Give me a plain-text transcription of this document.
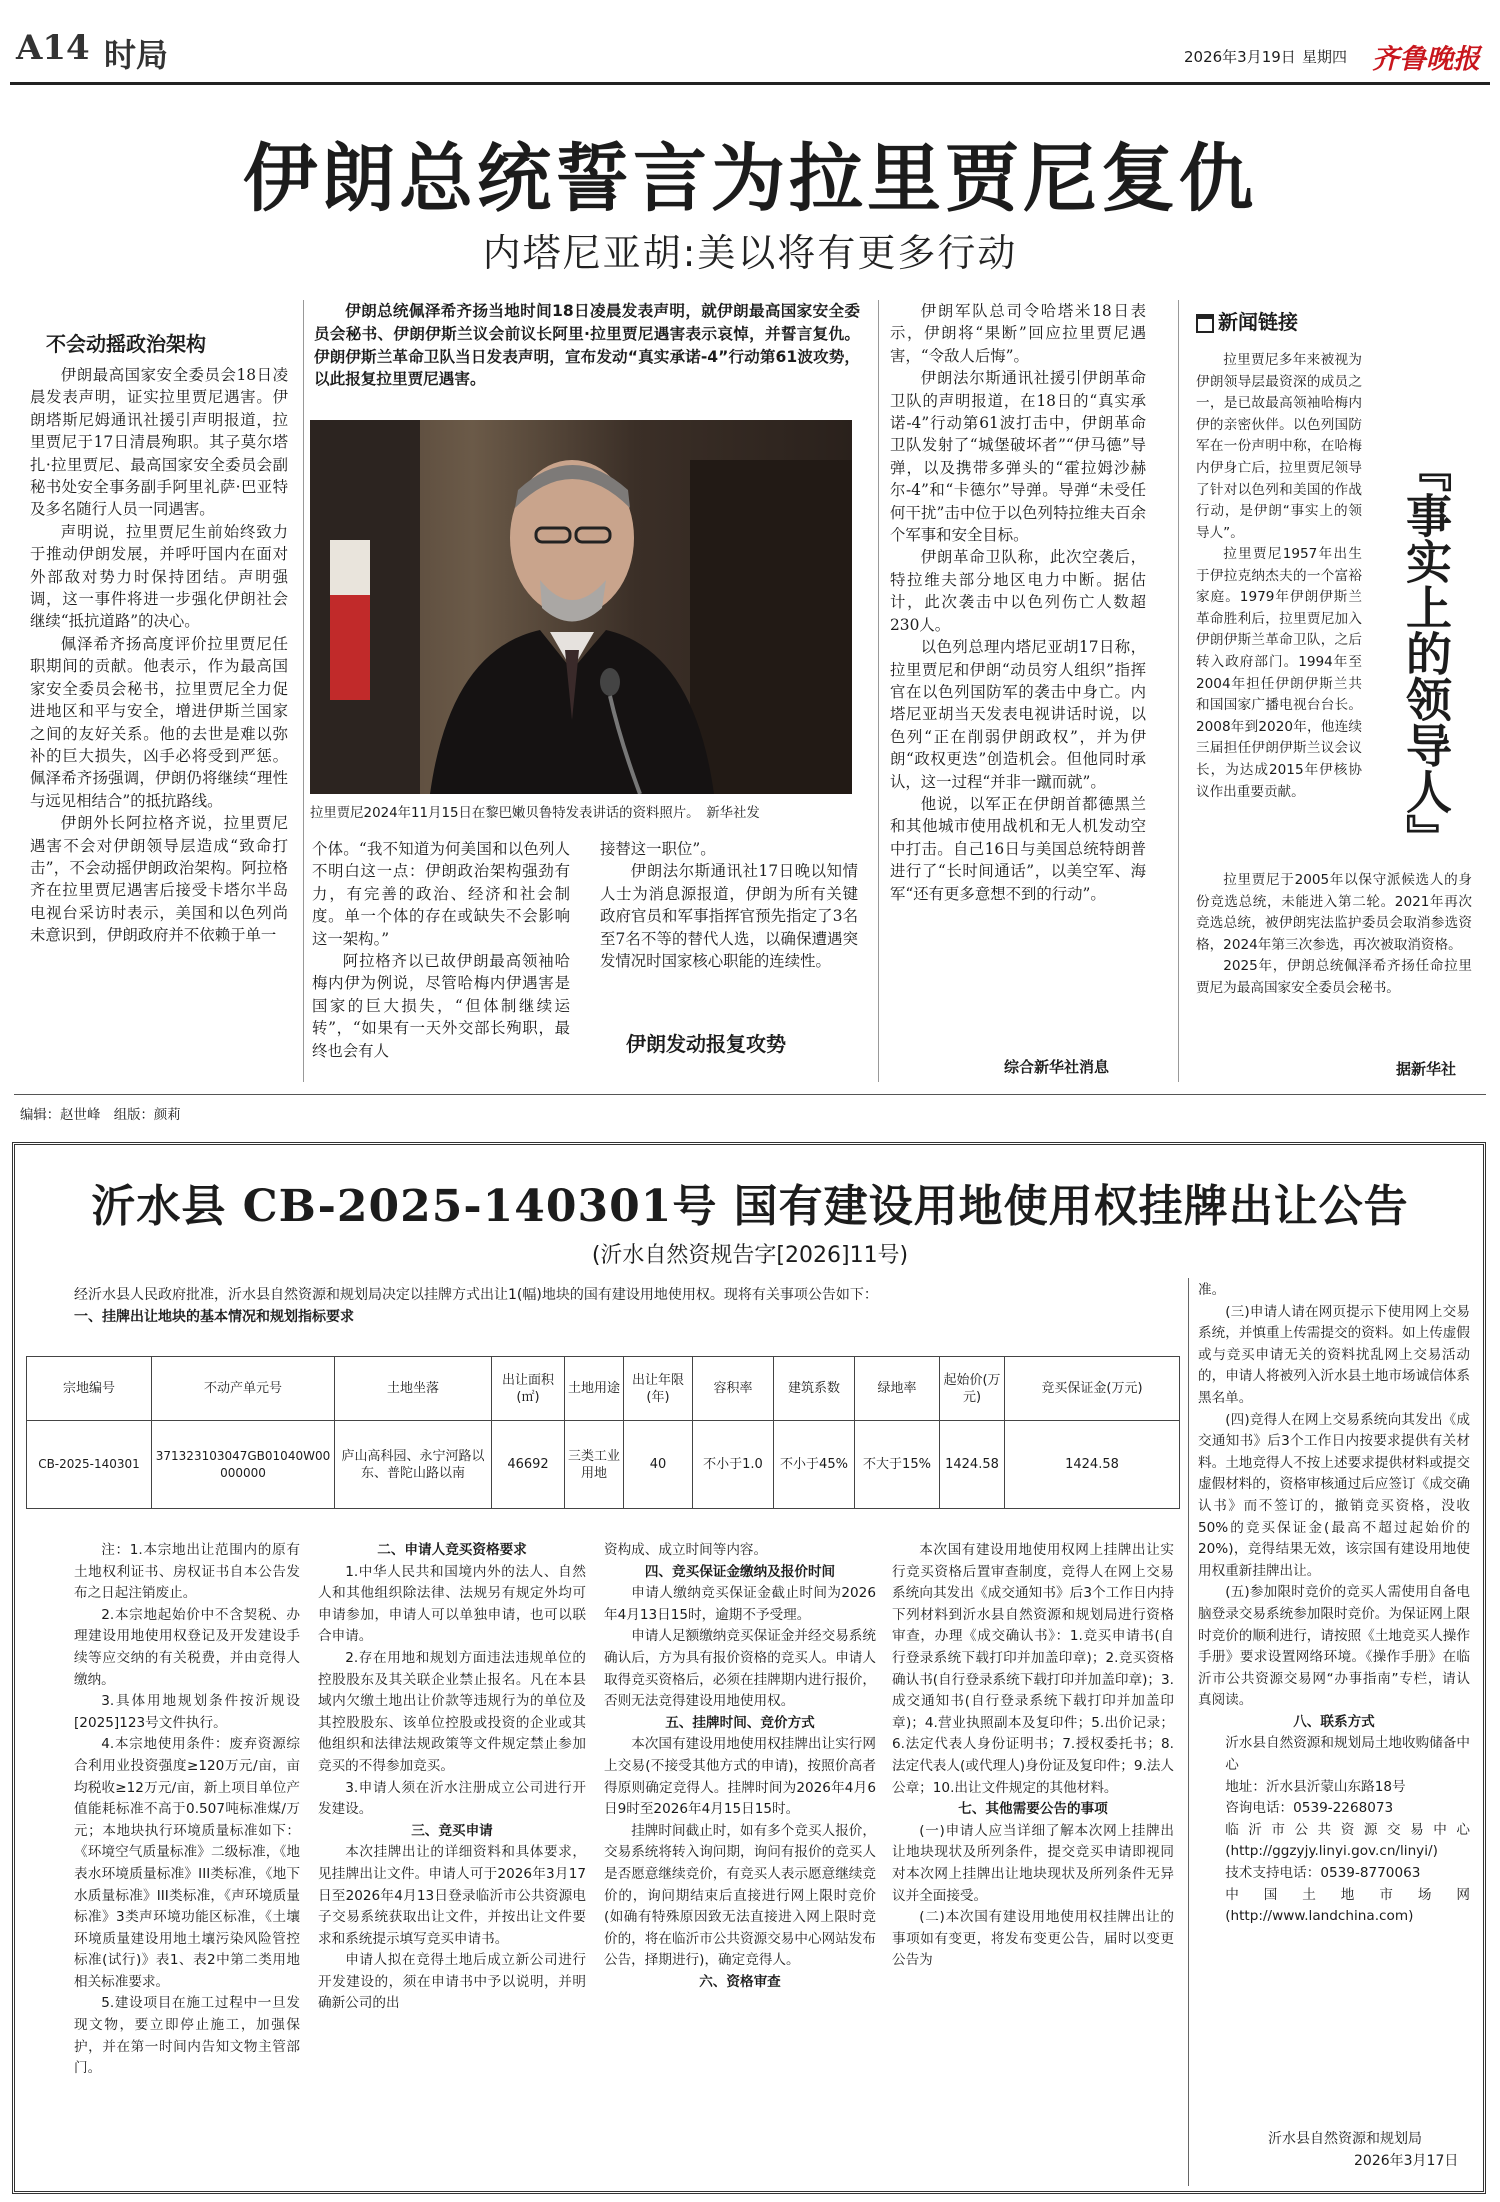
A14 时局	2026年3月19日 星期四 齐鲁晚报
伊朗总统誓言为拉里贾尼复仇
内塔尼亚胡:美以将有更多行动
不会动摇政治架构

伊朗最高国家安全委员会18日凌晨发表声明，证实拉里贾尼遇害。伊朗塔斯尼姆通讯社援引声明报道，拉里贾尼于17日清晨殉职。其子莫尔塔扎·拉里贾尼、最高国家安全委员会副秘书处安全事务副手阿里礼萨·巴亚特及多名随行人员一同遇害。

声明说，拉里贾尼生前始终致力于推动伊朗发展，并呼吁国内在面对外部敌对势力时保持团结。声明强调，这一事件将进一步强化伊朗社会继续“抵抗道路”的决心。

佩泽希齐扬高度评价拉里贾尼任职期间的贡献。他表示，作为最高国家安全委员会秘书，拉里贾尼全力促进地区和平与安全，增进伊斯兰国家之间的友好关系。他的去世是难以弥补的巨大损失，凶手必将受到严惩。佩泽希齐扬强调，伊朗仍将继续“理性与远见相结合”的抵抗路线。

伊朗外长阿拉格齐说，拉里贾尼遇害不会对伊朗领导层造成“致命打击”，不会动摇伊朗政治架构。阿拉格齐在拉里贾尼遇害后接受卡塔尔半岛电视台采访时表示，美国和以色列尚未意识到，伊朗政府并不依赖于单一

伊朗总统佩泽希齐扬当地时间18日凌晨发表声明，就伊朗最高国家安全委员会秘书、伊朗伊斯兰议会前议长阿里·拉里贾尼遇害表示哀悼，并誓言复仇。伊朗伊斯兰革命卫队当日发表声明，宣布发动“真实承诺-4”行动第61波攻势，以此报复拉里贾尼遇害。
拉里贾尼2024年11月15日在黎巴嫩贝鲁特发表讲话的资料照片。　新华社发

个体。“我不知道为何美国和以色列人不明白这一点：伊朗政治架构强劲有力，有完善的政治、经济和社会制度。单一个体的存在或缺失不会影响这一架构。”

阿拉格齐以已故伊朗最高领袖哈梅内伊为例说，尽管哈梅内伊遇害是国家的巨大损失，“但体制继续运转”，“如果有一天外交部长殉职，最终也会有人

接替这一职位”。

伊朗法尔斯通讯社17日晚以知情人士为消息源报道，伊朗为所有关键政府官员和军事指挥官预先指定了3名至7名不等的替代人选，以确保遭遇突发情况时国家核心职能的连续性。

伊朗发动报复攻势

伊朗军队总司令哈塔米18日表示，伊朗将“果断”回应拉里贾尼遇害，“令敌人后悔”。

伊朗法尔斯通讯社援引伊朗革命卫队的声明报道，在18日的“真实承诺-4”行动第61波打击中，伊朗革命卫队发射了“城堡破坏者”“伊马德”导弹，以及携带多弹头的“霍拉姆沙赫尔-4”和“卡德尔”导弹。导弹“未受任何干扰”击中位于以色列特拉维夫百余个军事和安全目标。

伊朗革命卫队称，此次空袭后，特拉维夫部分地区电力中断。据估计，此次袭击中以色列伤亡人数超230人。

以色列总理内塔尼亚胡17日称，拉里贾尼和伊朗“动员穷人组织”指挥官在以色列国防军的袭击中身亡。内塔尼亚胡当天发表电视讲话时说，以色列“正在削弱伊朗政权”，并为伊朗“政权更迭”创造机会。但他同时承认，这一过程“并非一蹴而就”。

他说，以军正在伊朗首都德黑兰和其他城市使用战机和无人机发动空中打击。自己16日与美国总统特朗普进行了“长时间通话”，以美空军、海军“还有更多意想不到的行动”。

综合新华社消息
新闻链接

拉里贾尼多年来被视为伊朗领导层最资深的成员之一，是已故最高领袖哈梅内伊的亲密伙伴。以色列国防军在一份声明中称，在哈梅内伊身亡后，拉里贾尼领导了针对以色列和美国的作战行动，是伊朗“事实上的领导人”。

拉里贾尼1957年出生于伊拉克纳杰夫的一个富裕家庭。1979年伊朗伊斯兰革命胜利后，拉里贾尼加入伊朗伊斯兰革命卫队，之后转入政府部门。1994年至2004年担任伊朗伊斯兰共和国国家广播电视台台长。2008年到2020年，他连续三届担任伊朗伊斯兰议会议长，为达成2015年伊核协议作出重要贡献。

拉里贾尼于2005年以保守派候选人的身份竞选总统，未能进入第二轮。2021年再次竞选总统，被伊朗宪法监护委员会取消参选资格，2024年第三次参选，再次被取消资格。

2025年，伊朗总统佩泽希齐扬任命拉里贾尼为最高国家安全委员会秘书。

『事实上的领导人』
据新华社
编辑：赵世峰　组版：颜莉
沂水县 CB-2025-140301号 国有建设用地使用权挂牌出让公告
(沂水自然资规告字[2026]11号)
经沂水县人民政府批准，沂水县自然资源和规划局决定以挂牌方式出让1(幅)地块的国有建设用地使用权。现将有关事项公告如下：
一、挂牌出让地块的基本情况和规划指标要求
宗地编号	不动产单元号	土地坐落	出让面积(㎡)	土地用途	出让年限(年)	容积率	建筑系数	绿地率	起始价(万元)	竞买保证金(万元)
CB-2025-140301	371323103047GB01040W00000000	庐山高科园、永宁河路以东、普陀山路以南	46692	三类工业用地	40	不小于1.0	不小于45%	不大于15%	1424.58	1424.58

注：1.本宗地出让范围内的原有土地权利证书、房权证书自本公告发布之日起注销废止。

2.本宗地起始价中不含契税、办理建设用地使用权登记及开发建设手续等应交纳的有关税费，并由竞得人缴纳。

3.具体用地规划条件按沂规设[2025]123号文件执行。

4.本宗地使用条件：废弃资源综合利用业投资强度≥120万元/亩，亩均税收≥12万元/亩，新上项目单位产值能耗标准不高于0.507吨标准煤/万元；本地块执行环境质量标准如下：《环境空气质量标准》二级标准，《地表水环境质量标准》III类标准，《地下水质量标准》III类标准，《声环境质量标准》3类声环境功能区标准，《土壤环境质量建设用地土壤污染风险管控标准(试行)》表1、表2中第二类用地相关标准要求。

5.建设项目在施工过程中一旦发现文物，要立即停止施工，加强保护，并在第一时间内告知文物主管部门。

二、申请人竞买资格要求

1.中华人民共和国境内外的法人、自然人和其他组织除法律、法规另有规定外均可申请参加，申请人可以单独申请，也可以联合申请。

2.存在用地和规划方面违法违规单位的控股股东及其关联企业禁止报名。凡在本县域内欠缴土地出让价款等违规行为的单位及其控股股东、该单位控股或投资的企业或其他组织和法律法规政策等文件规定禁止参加竞买的不得参加竞买。

3.申请人须在沂水注册成立公司进行开发建设。

三、竞买申请

本次挂牌出让的详细资料和具体要求，见挂牌出让文件。申请人可于2026年3月17日至2026年4月13日登录临沂市公共资源电子交易系统获取出让文件，并按出让文件要求和系统提示填写竞买申请书。

申请人拟在竞得土地后成立新公司进行开发建设的，须在申请书中予以说明，并明确新公司的出

资构成、成立时间等内容。

四、竞买保证金缴纳及报价时间

申请人缴纳竞买保证金截止时间为2026年4月13日15时，逾期不予受理。

申请人足额缴纳竞买保证金并经交易系统确认后，方为具有报价资格的竞买人。申请人取得竞买资格后，必须在挂牌期内进行报价，否则无法竞得建设用地使用权。

五、挂牌时间、竞价方式

本次国有建设用地使用权挂牌出让实行网上交易(不接受其他方式的申请)，按照价高者得原则确定竞得人。挂牌时间为2026年4月6日9时至2026年4月15日15时。

挂牌时间截止时，如有多个竞买人报价，交易系统将转入询问期，询问有报价的竞买人是否愿意继续竞价，有竞买人表示愿意继续竞价的，询问期结束后直接进行网上限时竞价(如确有特殊原因致无法直接进入网上限时竞价的，将在临沂市公共资源交易中心网站发布公告，择期进行)，确定竞得人。

六、资格审查

本次国有建设用地使用权网上挂牌出让实行竞买资格后置审查制度，竞得人在网上交易系统向其发出《成交通知书》后3个工作日内持下列材料到沂水县自然资源和规划局进行资格审查，办理《成交确认书》：1.竞买申请书(自行登录系统下载打印并加盖印章)；2.竞买资格确认书(自行登录系统下载打印并加盖印章)；3.成交通知书(自行登录系统下载打印并加盖印章)；4.营业执照副本及复印件；5.出价记录；6.法定代表人身份证明书；7.授权委托书；8.法定代表人(或代理人)身份证及复印件；9.法人公章；10.出让文件规定的其他材料。

七、其他需要公告的事项

(一)申请人应当详细了解本次网上挂牌出让地块现状及所列条件，提交竞买申请即视同对本次网上挂牌出让地块现状及所列条件无异议并全面接受。

(二)本次国有建设用地使用权挂牌出让的事项如有变更，将发布变更公告，届时以变更公告为

准。

(三)申请人请在网页提示下使用网上交易系统，并慎重上传需提交的资料。如上传虚假或与竞买申请无关的资料扰乱网上交易活动的，申请人将被列入沂水县土地市场诚信体系黑名单。

(四)竞得人在网上交易系统向其发出《成交通知书》后3个工作日内按要求提供有关材料。土地竞得人不按上述要求提供材料或提交虚假材料的，资格审核通过后应签订《成交确认书》而不签订的，撤销竞买资格，没收50%的竞买保证金(最高不超过起始价的20%)，竞得结果无效，该宗国有建设用地使用权重新挂牌出让。

(五)参加限时竞价的竞买人需使用自备电脑登录交易系统参加限时竞价。为保证网上限时竞价的顺利进行，请按照《土地竞买人操作手册》要求设置网络环境。《操作手册》在临沂市公共资源交易网“办事指南”专栏，请认真阅读。

八、联系方式

沂水县自然资源和规划局土地收购储备中心

地址：沂水县沂蒙山东路18号

咨询电话：0539-2268073

临沂市公共资源交易中心(http://ggzyjy.linyi.gov.cn/linyi/)

技术支持电话：0539-8770063

中国土地市场网(http://www.landchina.com)

沂水县自然资源和规划局
2026年3月17日
